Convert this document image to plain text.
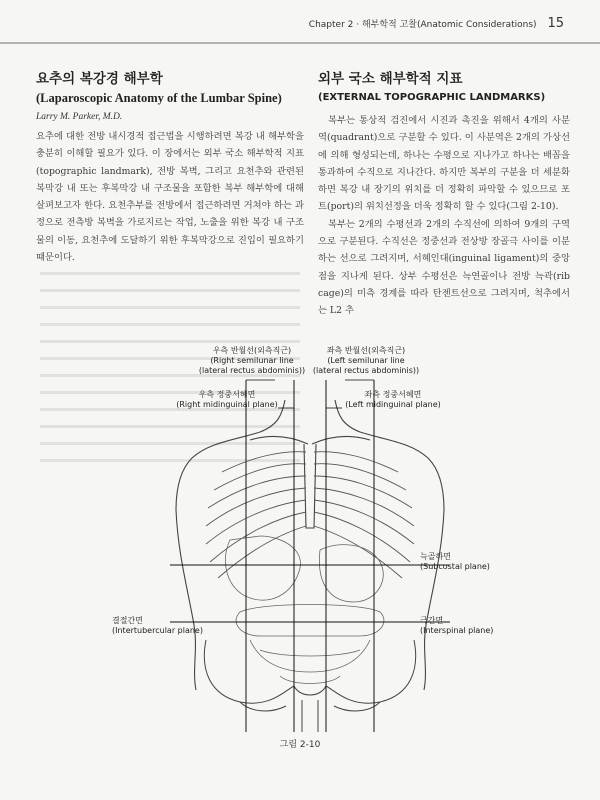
Chapter 2 · 해부학적 고찰(Anatomic Considerations) 15
요추의 복강경 해부학
(Laparoscopic Anatomy of the Lumbar Spine)

Larry M. Parker, M.D.

요추에 대한 전방 내시경적 접근법을 시행하려면 복강 내 해부학을 충분히 이해할 필요가 있다. 이 장에서는 외부 국소 해부학적 지표(topographic landmark), 전방 복벽, 그리고 요천추와 관련된 복막강 내 또는 후복막강 내 구조물을 포함한 복부 해부학에 대해 살펴보고자 한다. 요천추부를 전방에서 접근하려면 거쳐야 하는 과정으로 전측방 복벽을 가로지르는 작업, 노출을 위한 복강 내 구조물의 이동, 요천추에 도달하기 위한 후복막강으로 진입이 필요하기 때문이다.

외부 국소 해부학적 지표
(EXTERNAL TOPOGRAPHIC LANDMARKS)

복부는 통상적 검진에서 시진과 촉진을 위해서 4개의 사분역(quadrant)으로 구분할 수 있다. 이 사분역은 2개의 가상선에 의해 형성되는데, 하나는 수평으로 지나가고 하나는 배꼽을 통과하여 수직으로 지나간다. 하지만 복부의 구분을 더 세분화하면 복강 내 장기의 위치를 더 정확히 파악할 수 있으므로 포트(port)의 위치선정을 더욱 정확히 할 수 있다(그림 2-10).

복부는 2개의 수평선과 2개의 수직선에 의하여 9개의 구역으로 구분된다. 수직선은 정중선과 전상방 장골극 사이를 이분하는 선으로 그려지며, 서혜인대(inguinal ligament)의 중앙점을 지나게 된다. 상부 수평선은 늑연골이나 전방 늑곽(rib cage)의 미측 경계를 따라 탄젠트선으로 그려지며, 척추에서는 L2 추

우측 반월선(외측직근)
(Right semilunar line
(lateral rectus abdominis))
좌측 반월선(외측직근)
(Left semilunar line
(lateral rectus abdominis))
우측 정중서혜면
(Right midinguinal plane)
좌측 정중서혜면
(Left midinguinal plane)
늑골하면
(Subcostal plane)
결절간면
(Intertubercular plane)
극간면
(Interspinal plane)
그림 2-10
